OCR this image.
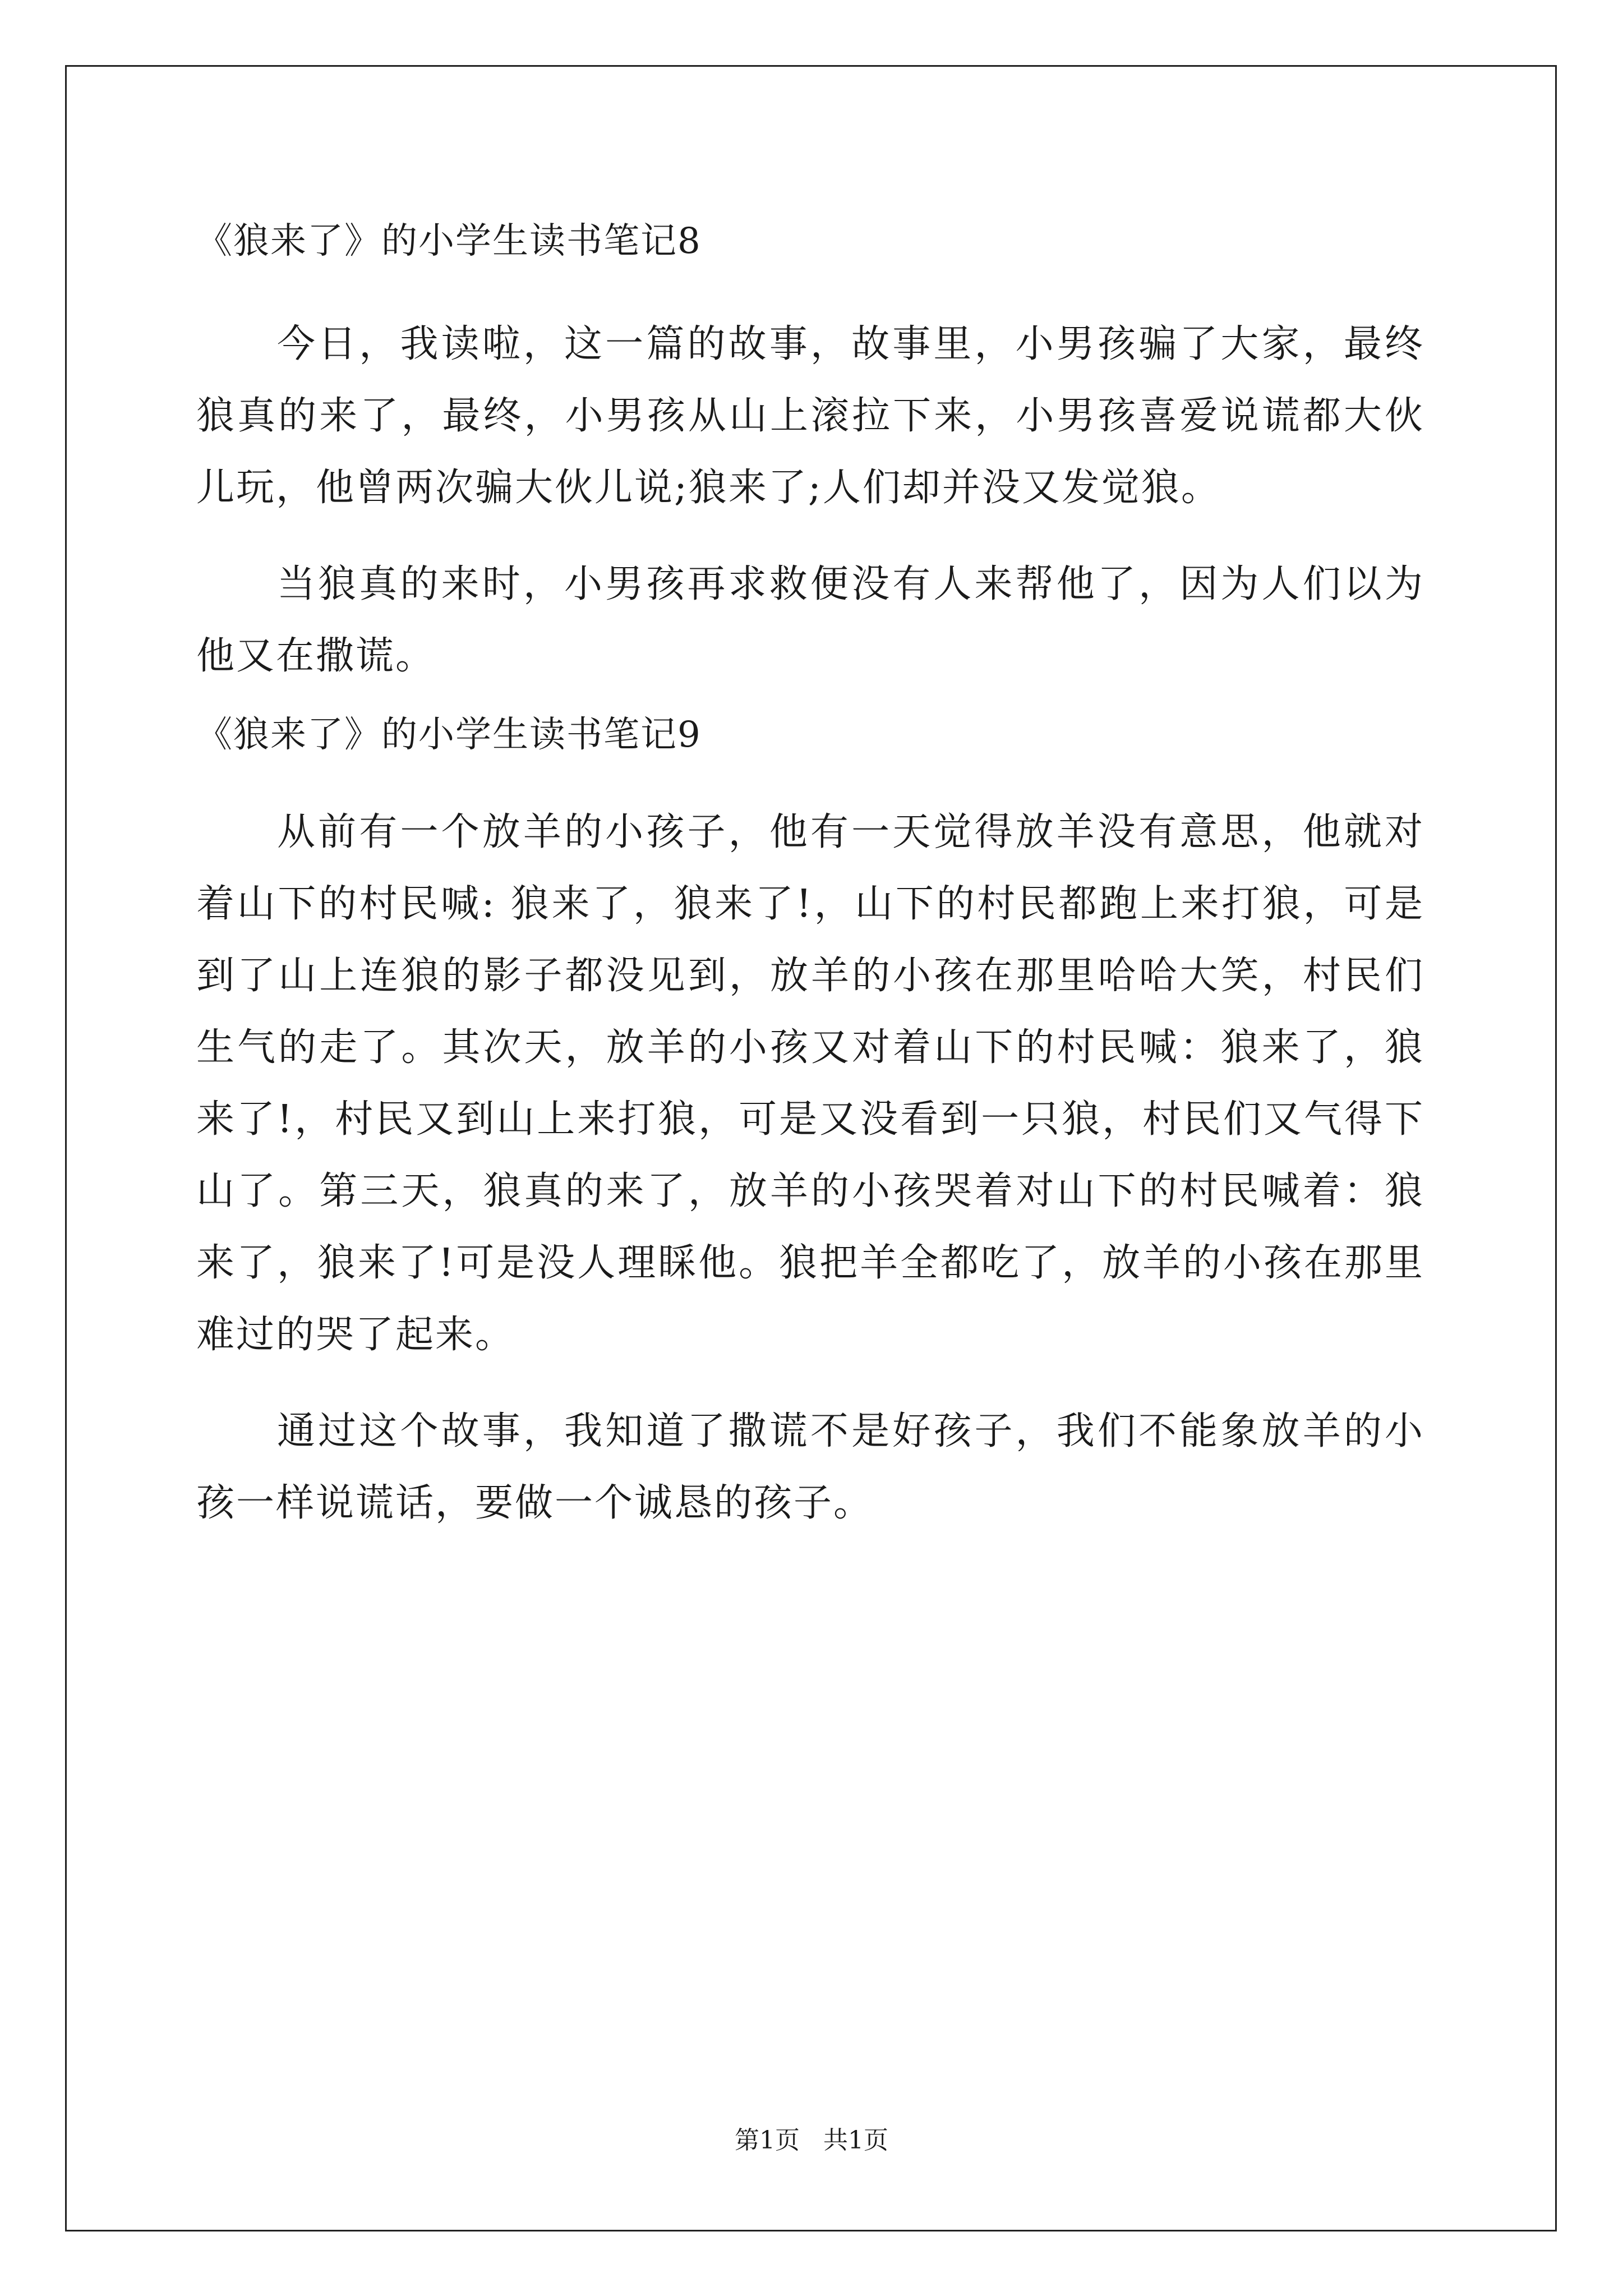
《狼来了》的小学生读书笔记8

今日，我读啦，这一篇的故事，故事里，小男孩骗了大家，最终狼真的来了，最终，小男孩从山上滚拉下来，小男孩喜爱说谎都大伙儿玩，他曾两次骗大伙儿说;狼来了;人们却并没又发觉狼。

当狼真的来时，小男孩再求救便没有人来帮他了，因为人们以为他又在撒谎。

《狼来了》的小学生读书笔记9

从前有一个放羊的小孩子，他有一天觉得放羊没有意思，他就对着山下的村民喊: 狼来了，狼来了!，山下的村民都跑上来打狼，可是到了山上连狼的影子都没见到，放羊的小孩在那里哈哈大笑，村民们生气的走了。其次天，放羊的小孩又对着山下的村民喊：狼来了，狼来了!，村民又到山上来打狼，可是又没看到一只狼，村民们又气得下山了。第三天，狼真的来了，放羊的小孩哭着对山下的村民喊着：狼来了，狼来了!可是没人理睬他。狼把羊全都吃了，放羊的小孩在那里难过的哭了起来。

通过这个故事，我知道了撒谎不是好孩子，我们不能象放羊的小孩一样说谎话，要做一个诚恳的孩子。

第1页   共1页
